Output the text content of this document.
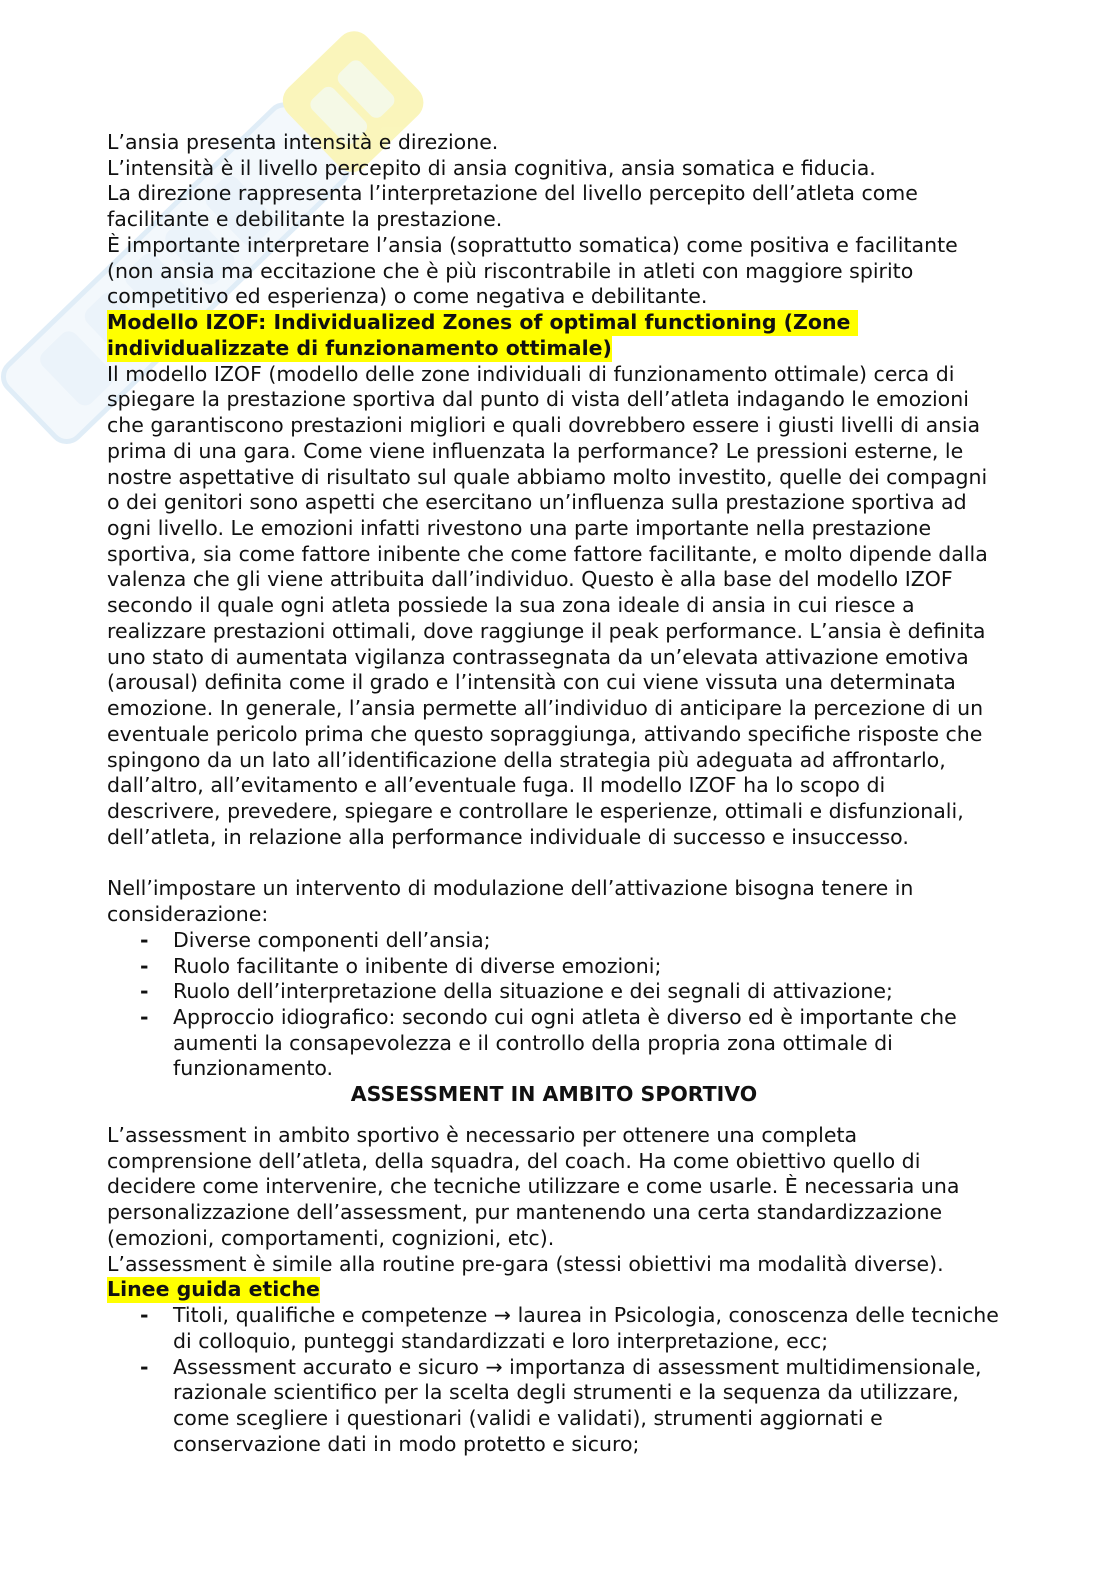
L’ansia presenta intensità e direzione.
L’intensità è il livello percepito di ansia cognitiva, ansia somatica e fiducia.
La direzione rappresenta l’interpretazione del livello percepito dell’atleta come
facilitante e debilitante la prestazione.
È importante interpretare l’ansia (soprattutto somatica) come positiva e facilitante
(non ansia ma eccitazione che è più riscontrabile in atleti con maggiore spirito
competitivo ed esperienza) o come negativa e debilitante.
Modello IZOF: Individualized Zones of optimal functioning (Zone
individualizzate di funzionamento ottimale)
Il modello IZOF (modello delle zone individuali di funzionamento ottimale) cerca di
spiegare la prestazione sportiva dal punto di vista dell’atleta indagando le emozioni
che garantiscono prestazioni migliori e quali dovrebbero essere i giusti livelli di ansia
prima di una gara. Come viene influenzata la performance? Le pressioni esterne, le
nostre aspettative di risultato sul quale abbiamo molto investito, quelle dei compagni
o dei genitori sono aspetti che esercitano un’influenza sulla prestazione sportiva ad
ogni livello. Le emozioni infatti rivestono una parte importante nella prestazione
sportiva, sia come fattore inibente che come fattore facilitante, e molto dipende dalla
valenza che gli viene attribuita dall’individuo. Questo è alla base del modello IZOF
secondo il quale ogni atleta possiede la sua zona ideale di ansia in cui riesce a
realizzare prestazioni ottimali, dove raggiunge il peak performance. L’ansia è definita
uno stato di aumentata vigilanza contrassegnata da un’elevata attivazione emotiva
(arousal) definita come il grado e l’intensità con cui viene vissuta una determinata
emozione. In generale, l’ansia permette all’individuo di anticipare la percezione di un
eventuale pericolo prima che questo sopraggiunga, attivando specifiche risposte che
spingono da un lato all’identificazione della strategia più adeguata ad affrontarlo,
dall’altro, all’evitamento e all’eventuale fuga. Il modello IZOF ha lo scopo di
descrivere, prevedere, spiegare e controllare le esperienze, ottimali e disfunzionali,
dell’atleta, in relazione alla performance individuale di successo e insuccesso.
Nell’impostare un intervento di modulazione dell’attivazione bisogna tenere in
considerazione:
- Diverse componenti dell’ansia;
- Ruolo facilitante o inibente di diverse emozioni;
- Ruolo dell’interpretazione della situazione e dei segnali di attivazione;
- Approccio idiografico: secondo cui ogni atleta è diverso ed è importante che
aumenti la consapevolezza e il controllo della propria zona ottimale di
funzionamento.
ASSESSMENT IN AMBITO SPORTIVO
L’assessment in ambito sportivo è necessario per ottenere una completa
comprensione dell’atleta, della squadra, del coach. Ha come obiettivo quello di
decidere come intervenire, che tecniche utilizzare e come usarle. È necessaria una
personalizzazione dell’assessment, pur mantenendo una certa standardizzazione
(emozioni, comportamenti, cognizioni, etc).
L’assessment è simile alla routine pre-gara (stessi obiettivi ma modalità diverse).
Linee guida etiche
- Titoli, qualifiche e competenze → laurea in Psicologia, conoscenza delle tecniche
di colloquio, punteggi standardizzati e loro interpretazione, ecc;
- Assessment accurato e sicuro → importanza di assessment multidimensionale,
razionale scientifico per la scelta degli strumenti e la sequenza da utilizzare,
come scegliere i questionari (validi e validati), strumenti aggiornati e
conservazione dati in modo protetto e sicuro;
